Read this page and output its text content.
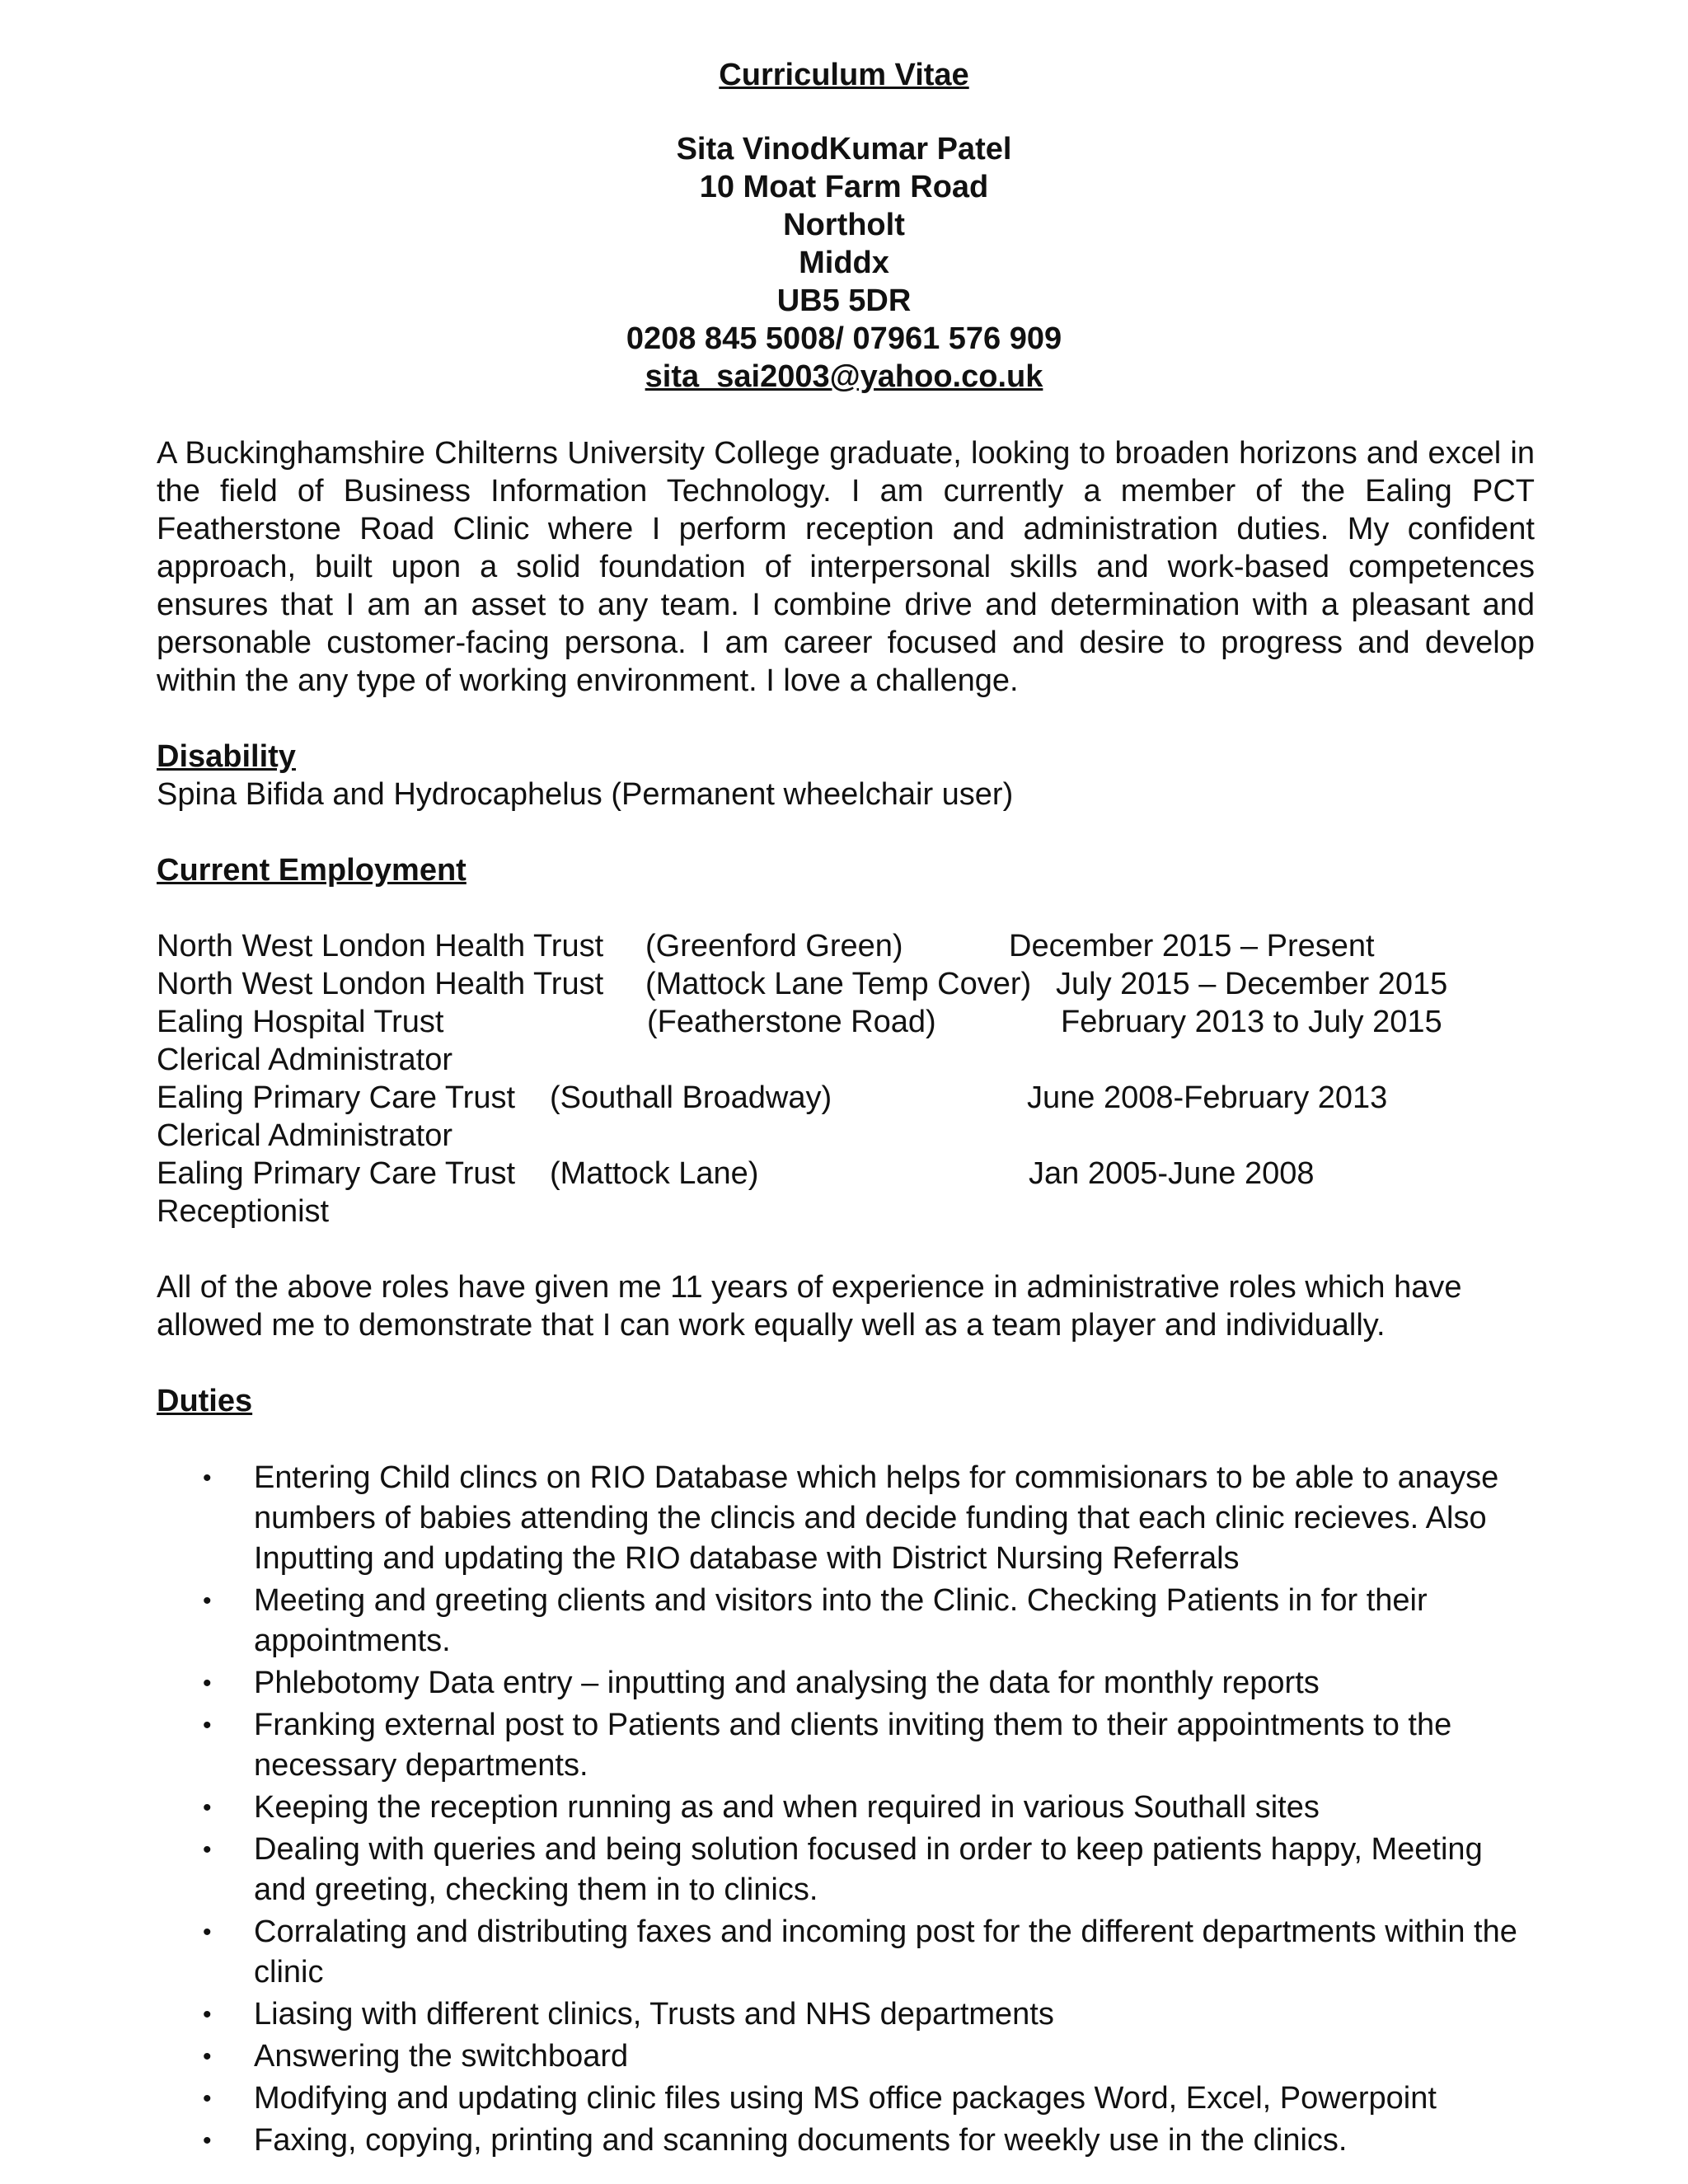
Curriculum Vitae
Sita VinodKumar Patel
10 Moat Farm Road
Northolt
Middx
UB5 5DR
0208 845 5008/ 07961 576 909
sita_sai2003@yahoo.co.uk
A Buckinghamshire Chilterns University College graduate, looking to broaden horizons and excel in the field of Business Information Technology. I am currently a member of the Ealing PCT Featherstone Road Clinic where I perform reception and administration duties. My confident approach, built upon a solid foundation of interpersonal skills and work-based competences ensures that I am an asset to any team. I combine drive and determination with a pleasant and personable customer-facing persona. I am career focused and desire to progress and develop within the any type of working environment. I love a challenge.
Disability
Spina Bifida and Hydrocaphelus (Permanent wheelchair user)
Current Employment
North West London Health Trust (Greenford Green)	December 2015 – Present
North West London Health Trust (Mattock Lane Temp Cover) July 2015 – December 2015
Ealing Hospital Trust	(Featherstone Road)	February 2013 to July 2015
Clerical Administrator
Ealing Primary Care Trust (Southall Broadway)	June 2008-February 2013
Clerical Administrator
Ealing Primary Care Trust (Mattock Lane)	Jan 2005-June 2008
Receptionist
All of the above roles have given me 11 years of experience in administrative roles which have allowed me to demonstrate that I can work equally well as a team player and individually.
Duties
• Entering Child clincs on RIO Database which helps for commisionars to be able to anayse numbers of babies attending the clincis and decide funding that each clinic recieves. Also Inputting and updating the RIO database with District Nursing Referrals
• Meeting and greeting clients and visitors into the Clinic. Checking Patients in for their appointments.
• Phlebotomy Data entry – inputting and analysing the data for monthly reports
• Franking external post to Patients and clients inviting them to their appointments to the necessary departments.
• Keeping the reception running as and when required in various Southall sites
• Dealing with queries and being solution focused in order to keep patients happy, Meeting and greeting, checking them in to clinics.
• Corralating and distributing faxes and incoming post for the different departments within the clinic
• Liasing with different clinics, Trusts and NHS departments
• Answering the switchboard
• Modifying and updating clinic files using MS office packages Word, Excel, Powerpoint
• Faxing, copying, printing and scanning documents for weekly use in the clinics.
